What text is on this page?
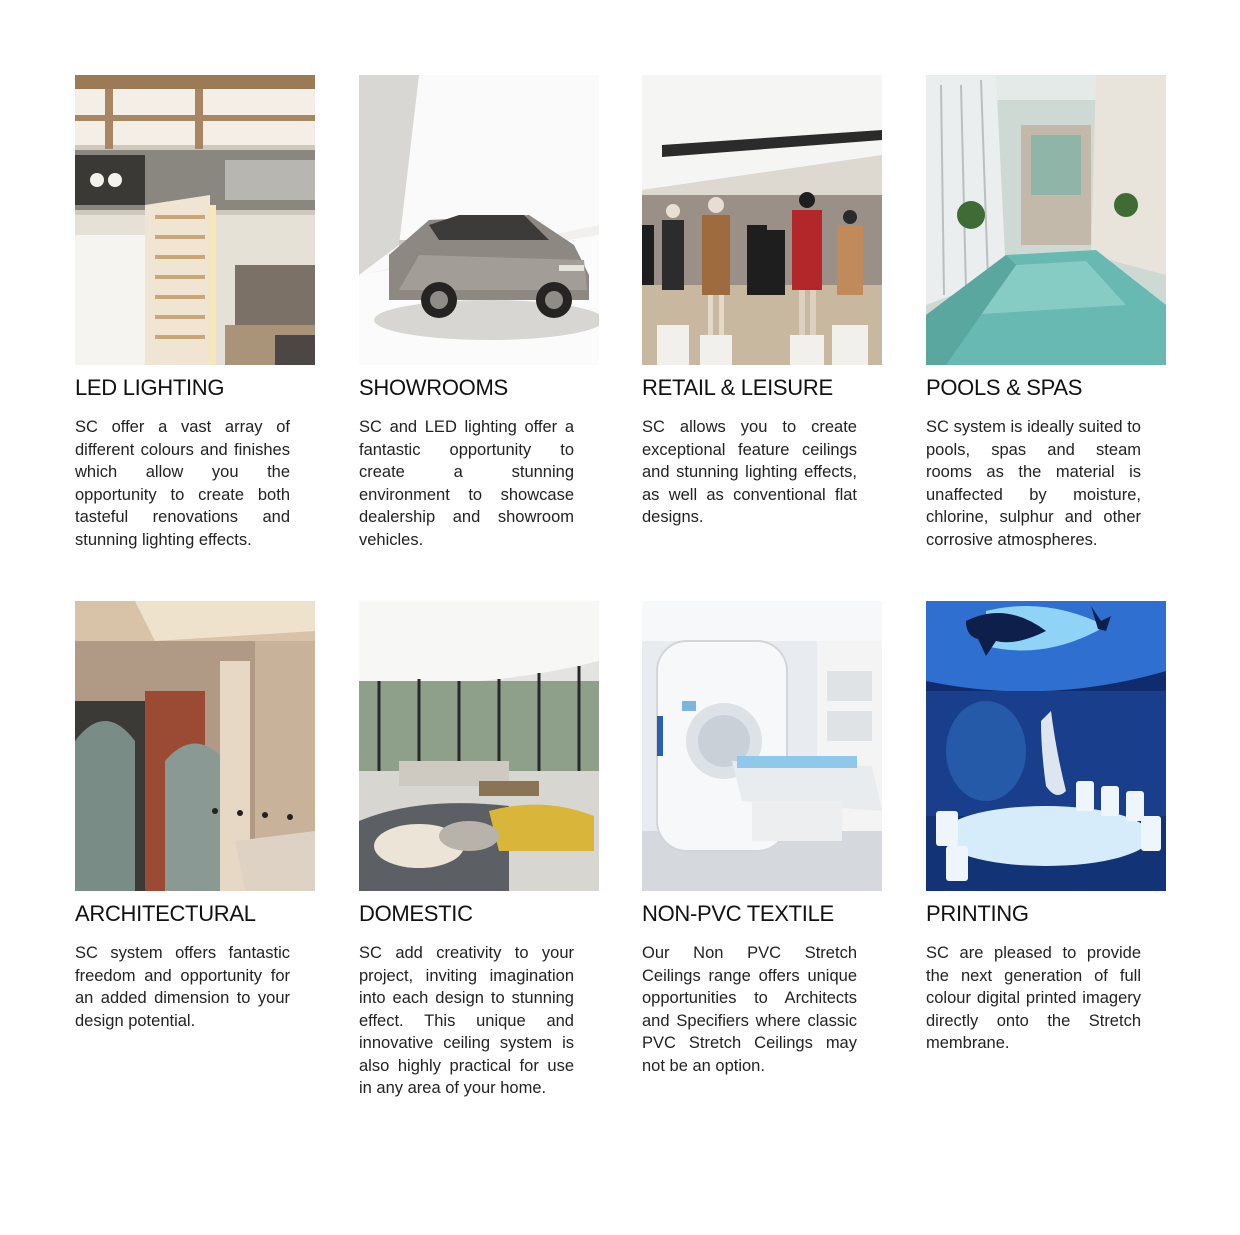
LED LIGHTING

SC offer a vast array of different colours and finishes which allow you the opportunity to create both tasteful renovations and stunning lighting effects.

SHOWROOMS

SC and LED lighting offer a fantastic opportunity to create a stunning environment to showcase dealership and showroom vehicles.

RETAIL & LEISURE

SC allows you to create exceptional feature ceilings and stunning lighting effects, as well as conventional flat designs.

POOLS & SPAS

SC system is ideally suited to pools, spas and steam rooms as the material is unaffected by moisture, chlorine, sulphur and other corrosive atmospheres.

ARCHITECTURAL

SC system offers fantastic freedom and opportunity for an added dimension to your design potential.

DOMESTIC

SC add creativity to your project, inviting imagination into each design to stunning effect. This unique and innovative ceiling system is also highly practical for use in any area of your home.

NON-PVC TEXTILE

Our Non PVC Stretch Ceilings range offers unique opportunities to Architects and Specifiers where classic PVC Stretch Ceilings may not be an option.

PRINTING

SC are pleased to provide the next generation of full colour digital printed imagery directly onto the Stretch membrane.
